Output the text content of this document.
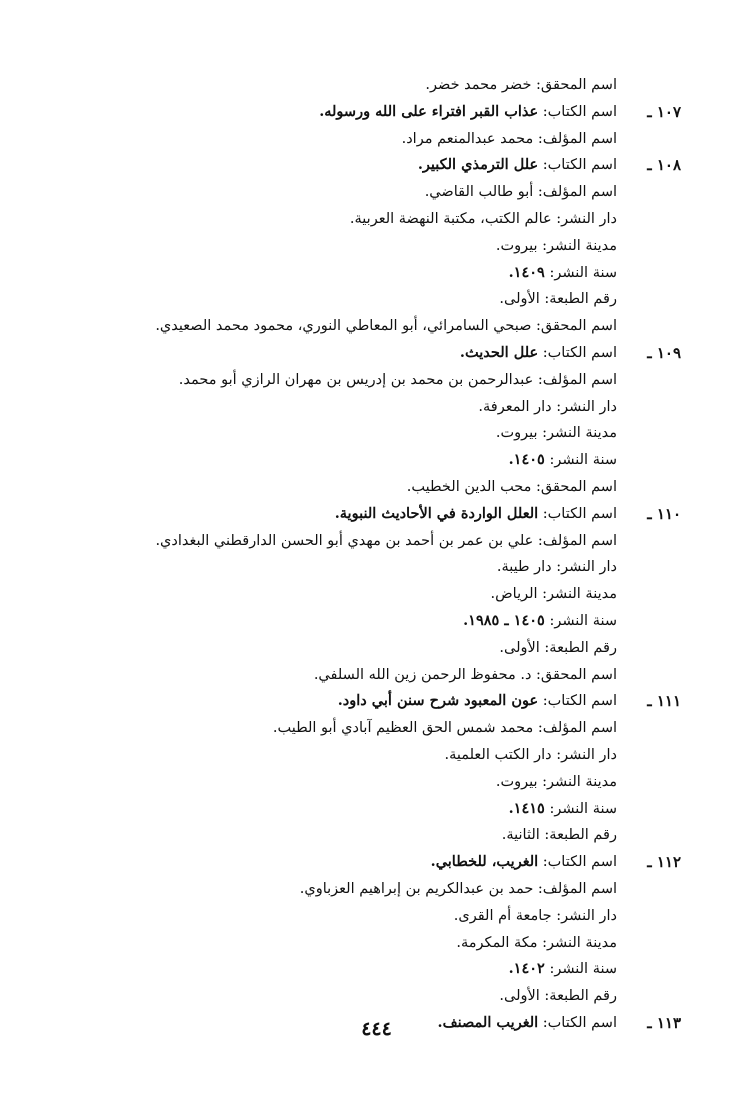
اسم المحقق: خضر محمد خضر.
١٠٧ ـ
اسم الكتاب: عذاب القبر افتراء على الله ورسوله.
اسم المؤلف: محمد عبدالمنعم مراد.
١٠٨ ـ
اسم الكتاب: علل الترمذي الكبير.
اسم المؤلف: أبو طالب القاضي.
دار النشر: عالم الكتب، مكتبة النهضة العربية.
مدينة النشر: بيروت.
سنة النشر: ١٤٠٩.
رقم الطبعة: الأولى.
اسم المحقق: صبحي السامرائي، أبو المعاطي النوري، محمود محمد الصعيدي.
١٠٩ ـ
اسم الكتاب: علل الحديث.
اسم المؤلف: عبدالرحمن بن محمد بن إدريس بن مهران الرازي أبو محمد.
دار النشر: دار المعرفة.
مدينة النشر: بيروت.
سنة النشر: ١٤٠٥.
اسم المحقق: محب الدين الخطيب.
١١٠ ـ
اسم الكتاب: العلل الواردة في الأحاديث النبوية.
اسم المؤلف: علي بن عمر بن أحمد بن مهدي أبو الحسن الدارقطني البغدادي.
دار النشر: دار طيبة.
مدينة النشر: الرياض.
سنة النشر: ١٤٠٥ ـ ١٩٨٥.
رقم الطبعة: الأولى.
اسم المحقق: د. محفوظ الرحمن زين الله السلفي.
١١١ ـ
اسم الكتاب: عون المعبود شرح سنن أبي داود.
اسم المؤلف: محمد شمس الحق العظيم آبادي أبو الطيب.
دار النشر: دار الكتب العلمية.
مدينة النشر: بيروت.
سنة النشر: ١٤١٥.
رقم الطبعة: الثانية.
١١٢ ـ
اسم الكتاب: الغريب، للخطابي.
اسم المؤلف: حمد بن عبدالكريم بن إبراهيم العزباوي.
دار النشر: جامعة أم القرى.
مدينة النشر: مكة المكرمة.
سنة النشر: ١٤٠٢.
رقم الطبعة: الأولى.
١١٣ ـ
اسم الكتاب: الغريب المصنف.
٤٤٤
